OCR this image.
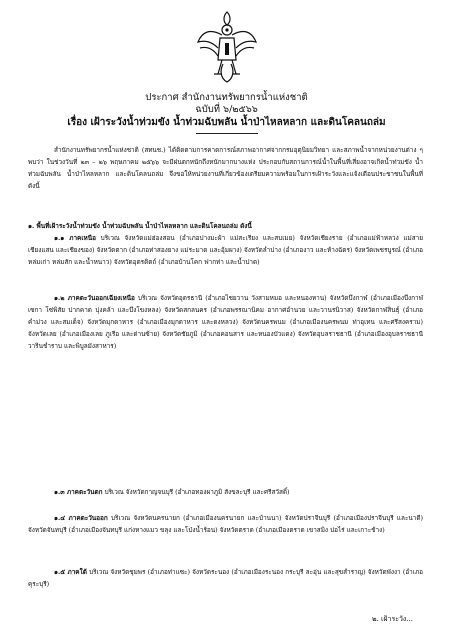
ประกาศ สำนักงานทรัพยากรน้ำแห่งชาติ
ฉบับที่ ๖/๒๕๖๖
เรื่อง เฝ้าระวังน้ำท่วมขัง น้ำท่วมฉับพลัน น้ำป่าไหลหลาก และดินโคลนถล่ม
สำนักงานทรัพยากรน้ำแห่งชาติ (สทนช.) ได้ติดตามการคาดการณ์สภาพอากาศจากกรมอุตุนิยมวิทยา และสภาพน้ำจากหน่วยงานต่าง ๆ พบว่า ในช่วงวันที่ ๒๓ – ๒๖ พฤษภาคม ๒๕๖๖ จะมีฝนตกหนักถึงหนักมากบางแห่ง ประกอบกับสถานการณ์น้ำในพื้นที่เสี่ยงอาจเกิดน้ำท่วมขัง น้ำท่วมฉับพลัน น้ำป่าไหลหลาก และดินโคลนถล่ม จึงขอให้หน่วยงานที่เกี่ยวข้องเตรียมความพร้อมในการเฝ้าระวังและแจ้งเตือนประชาชนในพื้นที่ ดังนี้
๑. พื้นที่เฝ้าระวังน้ำท่วมขัง น้ำท่วมฉับพลัน น้ำป่าไหลหลาก และดินโคลนถล่ม ดังนี้
๑.๑ ภาคเหนือ บริเวณ จังหวัดแม่ฮ่องสอน (อำเภอปางมะผ้า แม่สะเรียง และสบเมย) จังหวัดเชียงราย (อำเภอแม่ฟ้าหลวง แม่สาย เชียงแสน และเชียงของ) จังหวัดตาก (อำเภอท่าสองยาง แม่ระมาด และอุ้มผาง) จังหวัดลำปาง (อำเภองาว และห้างฉัตร) จังหวัดเพชรบูรณ์ (อำเภอหล่มเก่า หล่มสัก และน้ำหนาว) จังหวัดอุตรดิตถ์ (อำเภอบ้านโคก ฟากท่า และน้ำปาด)
๑.๒ ภาคตะวันออกเฉียงเหนือ บริเวณ จังหวัดอุดรธานี (อำเภอไชยวาน วังสามหมอ และหนองหาน) จังหวัดบึงกาฬ (อำเภอเมืองบึงกาฬ เซกา โซ่พิสัย ปากคาด บุ่งคล้า และบึงโขงหลง) จังหวัดสกลนคร (อำเภอพรรณานิคม อากาศอำนวย และวานรนิวาส) จังหวัดกาฬสินธุ์ (อำเภอคำม่วง และสมเด็จ) จังหวัดมุกดาหาร (อำเภอเมืองมุกดาหาร และดงหลวง) จังหวัดนครพนม (อำเภอเมืองนครพนม ท่าอุเทน และศรีสงคราม) จังหวัดเลย (อำเภอเมืองเลย ภูเรือ และด่านซ้าย) จังหวัดชัยภูมิ (อำเภอคอนสาร และหนองบัวแดง) จังหวัดอุบลราชธานี (อำเภอเมืองอุบลราชธานี วารินชำราบ และพิบูลมังสาหาร)
๑.๓ ภาคตะวันตก บริเวณ จังหวัดกาญจนบุรี (อำเภอทองผาภูมิ สังขละบุรี และศรีสวัสดิ์)
๑.๔ ภาคตะวันออก บริเวณ จังหวัดนครนายก (อำเภอเมืองนครนายก และบ้านนา) จังหวัดปราจีนบุรี (อำเภอเมืองปราจีนบุรี และนาดี) จังหวัดจันทบุรี (อำเภอเมืองจันทบุรี แก่งหางแมว ขลุง และโป่งน้ำร้อน) จังหวัดตราด (อำเภอเมืองตราด เขาสมิง บ่อไร่ และเกาะช้าง)
๑.๕ ภาคใต้ บริเวณ จังหวัดชุมพร (อำเภอท่าแซะ) จังหวัดระนอง (อำเภอเมืองระนอง กระบุรี ละอุ่น และสุขสำราญ) จังหวัดพังงา (อำเภอคุระบุรี)
๒. เฝ้าระวัง...
